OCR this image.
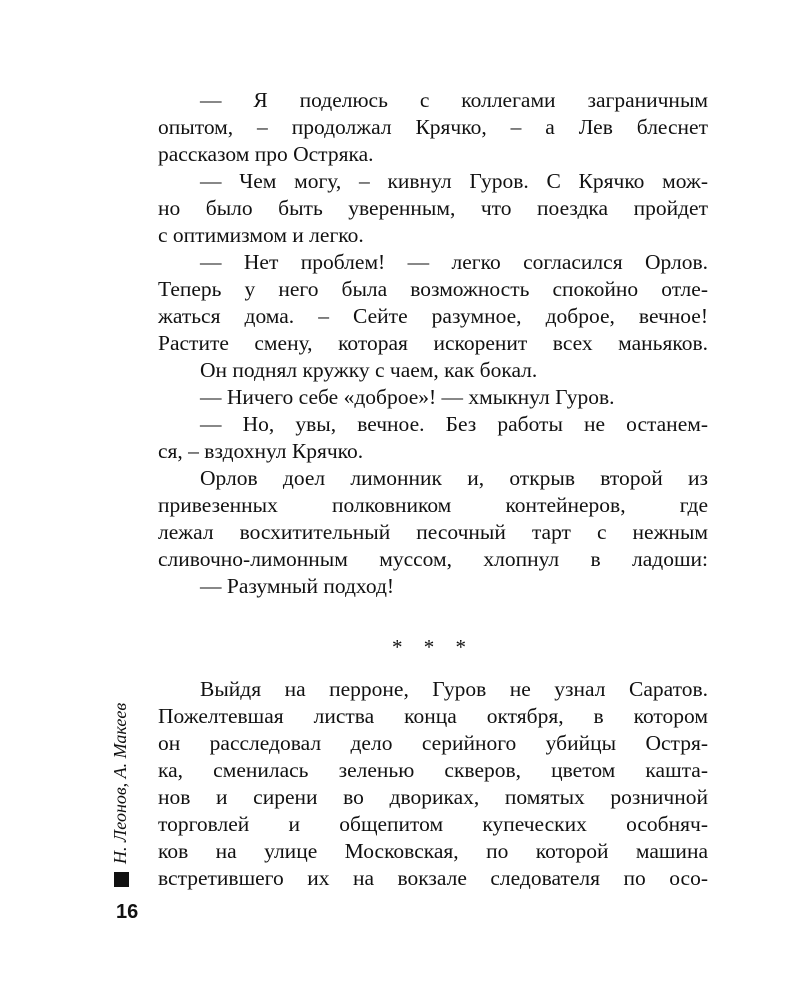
— Я поделюсь с коллегами заграничным
опытом, – продолжал Крячко, – а Лев блеснет
рассказом про Остряка.
— Чем могу, – кивнул Гуров. С Крячко мож-
но было быть уверенным, что поездка пройдет
с оптимизмом и легко.
— Нет проблем! — легко согласился Орлов.
Теперь у него была возможность спокойно отле-
жаться дома. – Сейте разумное, доброе, вечное!
Растите смену, которая искоренит всех маньяков.
Он поднял кружку с чаем, как бокал.
— Ничего себе «доброе»! — хмыкнул Гуров.
— Но, увы, вечное. Без работы не останем-
ся, – вздохнул Крячко.
Орлов доел лимонник и, открыв второй из
привезенных полковником контейнеров, где
лежал восхитительный песочный тарт с нежным
сливочно-лимонным муссом, хлопнул в ладоши:
— Разумный подход!
* * *
Выйдя на перроне, Гуров не узнал Саратов.
Пожелтевшая листва конца октября, в котором
он расследовал дело серийного убийцы Остря-
ка, сменилась зеленью скверов, цветом кашта-
нов и сирени во двориках, помятых розничной
торговлей и общепитом купеческих особняч-
ков на улице Московская, по которой машина
встретившего их на вокзале следователя по осо-
Н. Леонов, А. Макеев
16
